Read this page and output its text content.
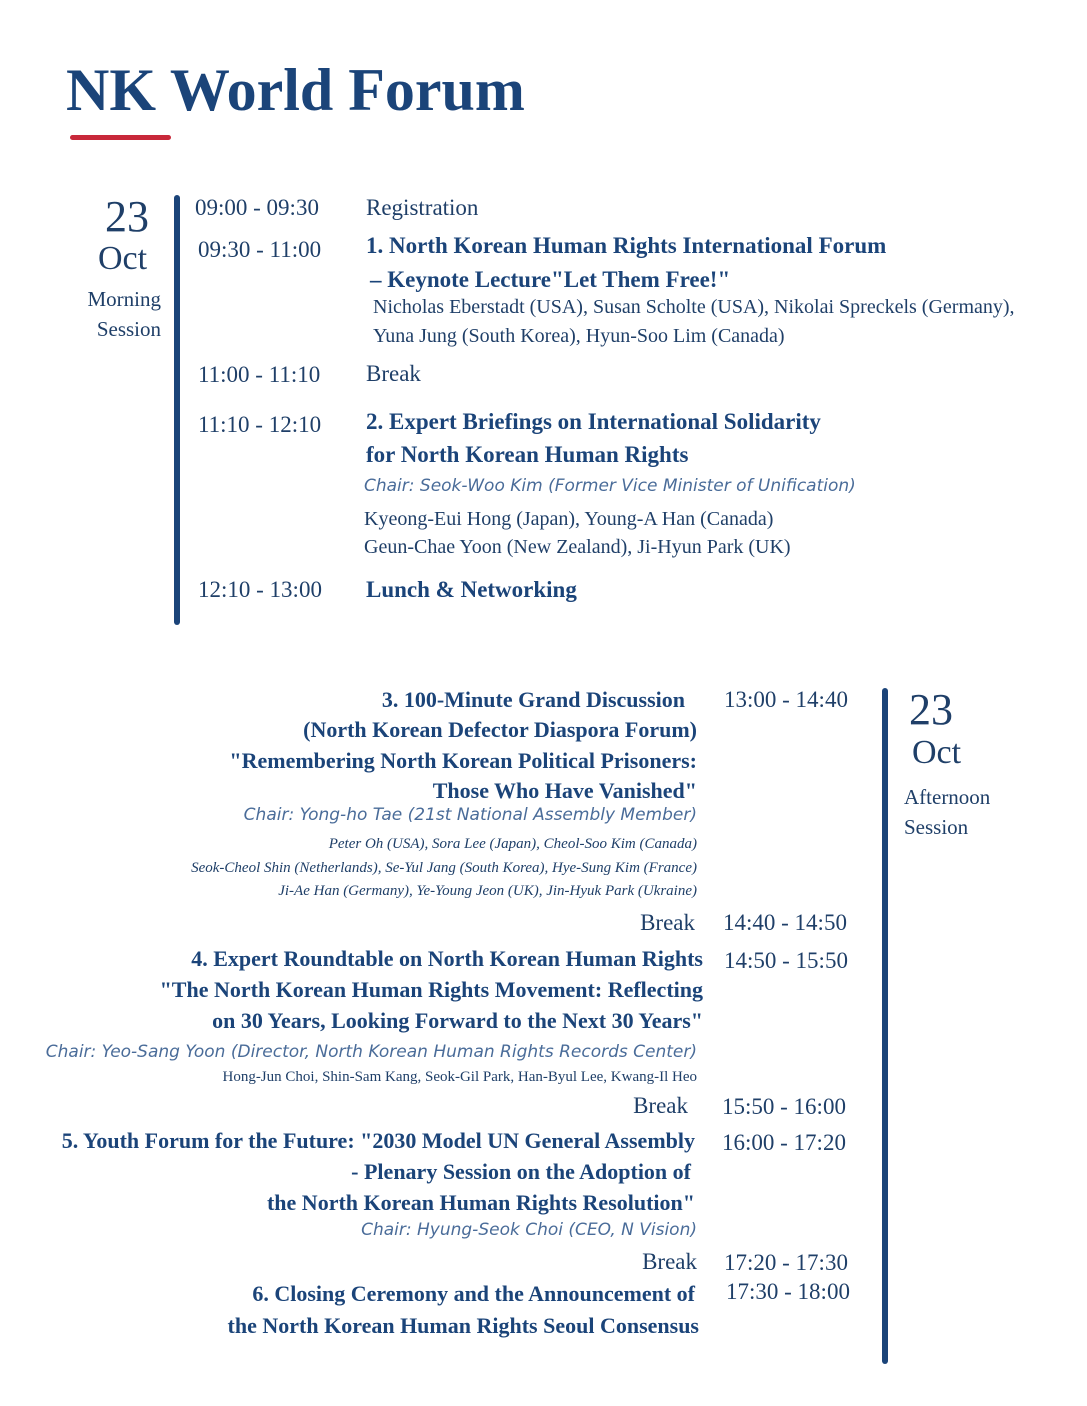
NK World Forum
23
Oct
Morning
Session
09:00 - 09:30 Registration
09:30 - 11:00 1. North Korean Human Rights International Forum
– Keynote Lecture"Let Them Free!"
Nicholas Eberstadt (USA), Susan Scholte (USA), Nikolai Spreckels (Germany),
Yuna Jung (South Korea), Hyun-Soo Lim (Canada)
11:00 - 11:10 Break
11:10 - 12:10 2. Expert Briefings on International Solidarity
for North Korean Human Rights
Chair: Seok-Woo Kim (Former Vice Minister of Unification)
Kyeong-Eui Hong (Japan), Young-A Han (Canada)
Geun-Chae Yoon (New Zealand), Ji-Hyun Park (UK)
12:10 - 13:00 Lunch & Networking
23
Oct
Afternoon
Session
13:00 - 14:40
3. 100-Minute Grand Discussion
(North Korean Defector Diaspora Forum)
"Remembering North Korean Political Prisoners:
Those Who Have Vanished"
Chair: Yong-ho Tae (21st National Assembly Member)
Peter Oh (USA), Sora Lee (Japan), Cheol-Soo Kim (Canada)
Seok-Cheol Shin (Netherlands), Se-Yul Jang (South Korea), Hye-Sung Kim (France)
Ji-Ae Han (Germany), Ye-Young Jeon (UK), Jin-Hyuk Park (Ukraine)
Break 14:40 - 14:50
14:50 - 15:50
4. Expert Roundtable on North Korean Human Rights
"The North Korean Human Rights Movement: Reflecting
on 30 Years, Looking Forward to the Next 30 Years"
Chair: Yeo-Sang Yoon (Director, North Korean Human Rights Records Center)
Hong-Jun Choi, Shin-Sam Kang, Seok-Gil Park, Han-Byul Lee, Kwang-Il Heo
Break 15:50 - 16:00
16:00 - 17:20
5. Youth Forum for the Future: "2030 Model UN General Assembly
- Plenary Session on the Adoption of
the North Korean Human Rights Resolution"
Chair: Hyung-Seok Choi (CEO, N Vision)
Break 17:20 - 17:30
17:30 - 18:00
6. Closing Ceremony and the Announcement of
the North Korean Human Rights Seoul Consensus
